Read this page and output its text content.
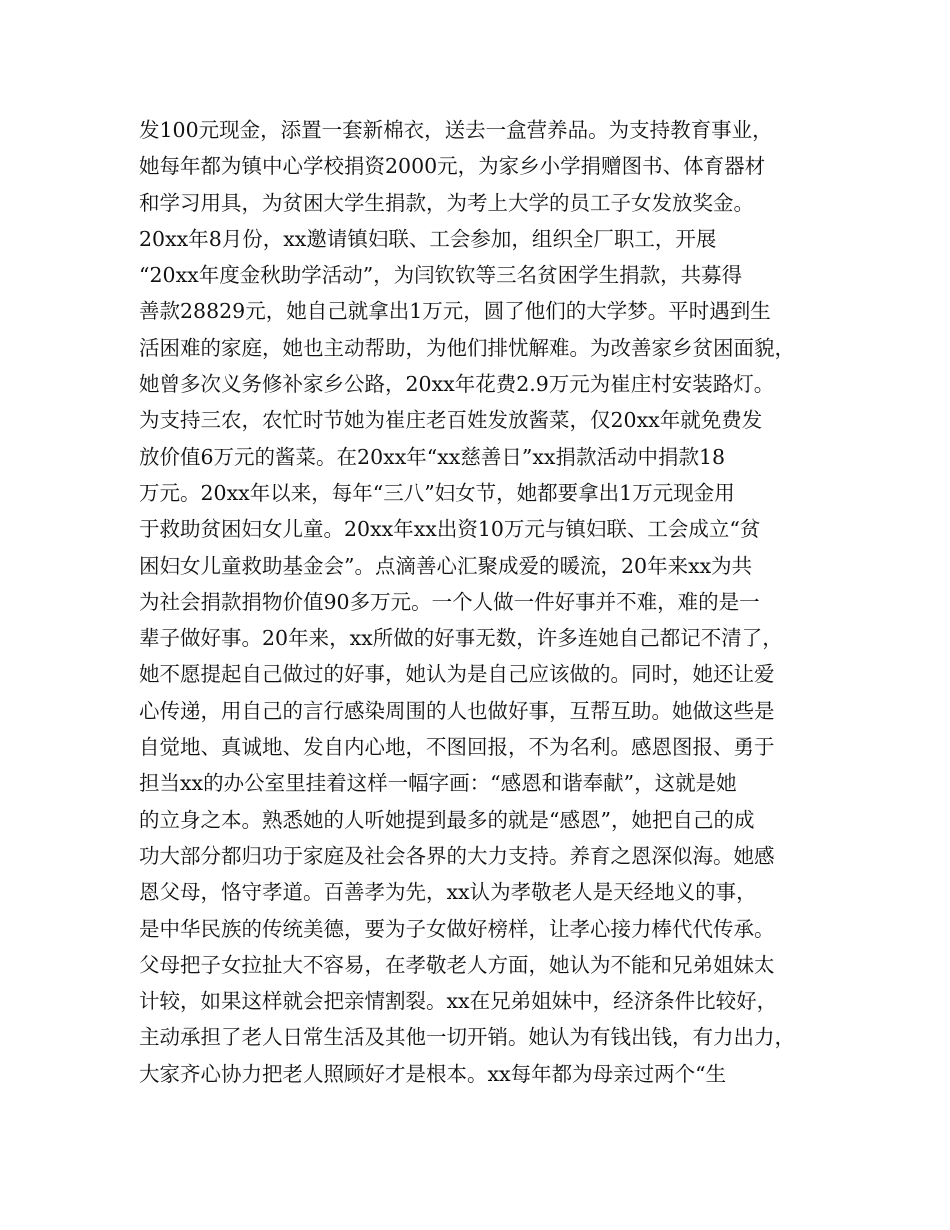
发100元现金，添置一套新棉衣，送去一盒营养品。为支持教育事业，
她每年都为镇中心学校捐资2000元，为家乡小学捐赠图书、体育器材
和学习用具，为贫困大学生捐款，为考上大学的员工子女发放奖金。
20xx年8月份，xx邀请镇妇联、工会参加，组织全厂职工，开展
“20xx年度金秋助学活动”，为闫钦钦等三名贫困学生捐款，共募得
善款28829元，她自己就拿出1万元，圆了他们的大学梦。平时遇到生
活困难的家庭，她也主动帮助，为他们排忧解难。为改善家乡贫困面貌，
她曾多次义务修补家乡公路，20xx年花费2.9万元为崔庄村安装路灯。
为支持三农，农忙时节她为崔庄老百姓发放酱菜，仅20xx年就免费发
放价值6万元的酱菜。在20xx年“xx慈善日”xx捐款活动中捐款18
万元。20xx年以来，每年“三八”妇女节，她都要拿出1万元现金用
于救助贫困妇女儿童。20xx年xx出资10万元与镇妇联、工会成立“贫
困妇女儿童救助基金会”。点滴善心汇聚成爱的暖流，20年来xx为共
为社会捐款捐物价值90多万元。一个人做一件好事并不难，难的是一
辈子做好事。20年来，xx所做的好事无数，许多连她自己都记不清了，
她不愿提起自己做过的好事，她认为是自己应该做的。同时，她还让爱
心传递，用自己的言行感染周围的人也做好事，互帮互助。她做这些是
自觉地、真诚地、发自内心地，不图回报，不为名利。感恩图报、勇于
担当xx的办公室里挂着这样一幅字画：“感恩和谐奉献”，这就是她
的立身之本。熟悉她的人听她提到最多的就是“感恩”，她把自己的成
功大部分都归功于家庭及社会各界的大力支持。养育之恩深似海。她感
恩父母，恪守孝道。百善孝为先，xx认为孝敬老人是天经地义的事，
是中华民族的传统美德，要为子女做好榜样，让孝心接力棒代代传承。
父母把子女拉扯大不容易，在孝敬老人方面，她认为不能和兄弟姐妹太
计较，如果这样就会把亲情割裂。xx在兄弟姐妹中，经济条件比较好，
主动承担了老人日常生活及其他一切开销。她认为有钱出钱，有力出力，
大家齐心协力把老人照顾好才是根本。xx每年都为母亲过两个“生
